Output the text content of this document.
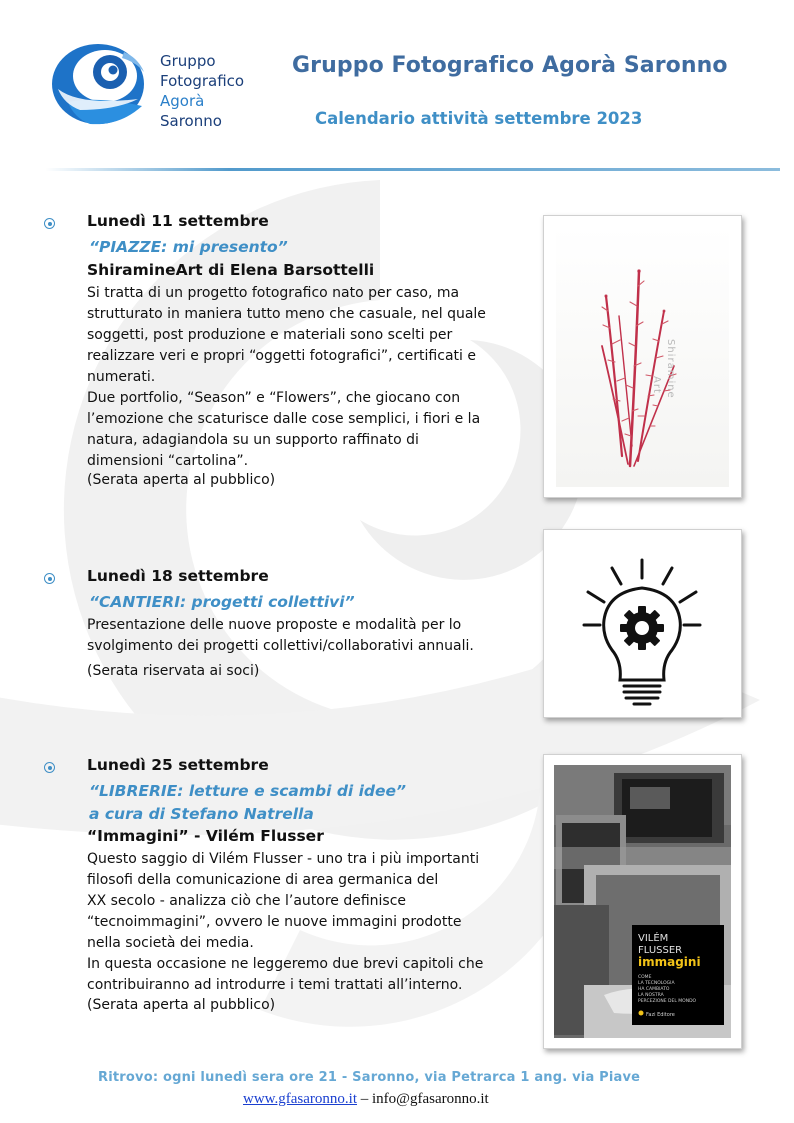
Gruppo
Fotografico
Agorà
Saronno
Gruppo Fotografico Agorà Saronno
Calendario attività settembre 2023
Lunedì 11 settembre
“PIAZZE: mi presento”
ShiramineArt di Elena Barsottelli
Si tratta di un progetto fotografico nato per caso, ma
strutturato in maniera tutto meno che casuale, nel quale
soggetti, post produzione e materiali sono scelti per
realizzare veri e propri “oggetti fotografici”, certificati e
numerati.
Due portfolio, “Season” e “Flowers”, che giocano con
l’emozione che scaturisce dalle cose semplici, i fiori e la
natura, adagiandola su un supporto raffinato di
dimensioni “cartolina”.
(Serata aperta al pubblico)
Shiramine
Art
Lunedì 18 settembre
“CANTIERI: progetti collettivi”
Presentazione delle nuove proposte e modalità per lo
svolgimento dei progetti collettivi/collaborativi annuali.
(Serata riservata ai soci)
Lunedì 25 settembre
“LIBRERIE: letture e scambi di idee”
a cura di Stefano Natrella
“Immagini” - Vilém Flusser
Questo saggio di Vilém Flusser - uno tra i più importanti
filosofi della comunicazione di area germanica del
XX secolo - analizza ciò che l’autore definisce
“tecnoimmagini”, ovvero le nuove immagini prodotte
nella società dei media.
In questa occasione ne leggeremo due brevi capitoli che
contribuiranno ad introdurre i temi trattati all’interno.
(Serata aperta al pubblico)
VILÉM
FLUSSER
immagini
COME
LA TECNOLOGIA
HA CAMBIATO
LA NOSTRA
PERCEZIONE DEL MONDO
Fazi Editore
Ritrovo: ogni lunedì sera ore 21 - Saronno, via Petrarca 1 ang. via Piave
www.gfasaronno.it – info@gfasaronno.it
